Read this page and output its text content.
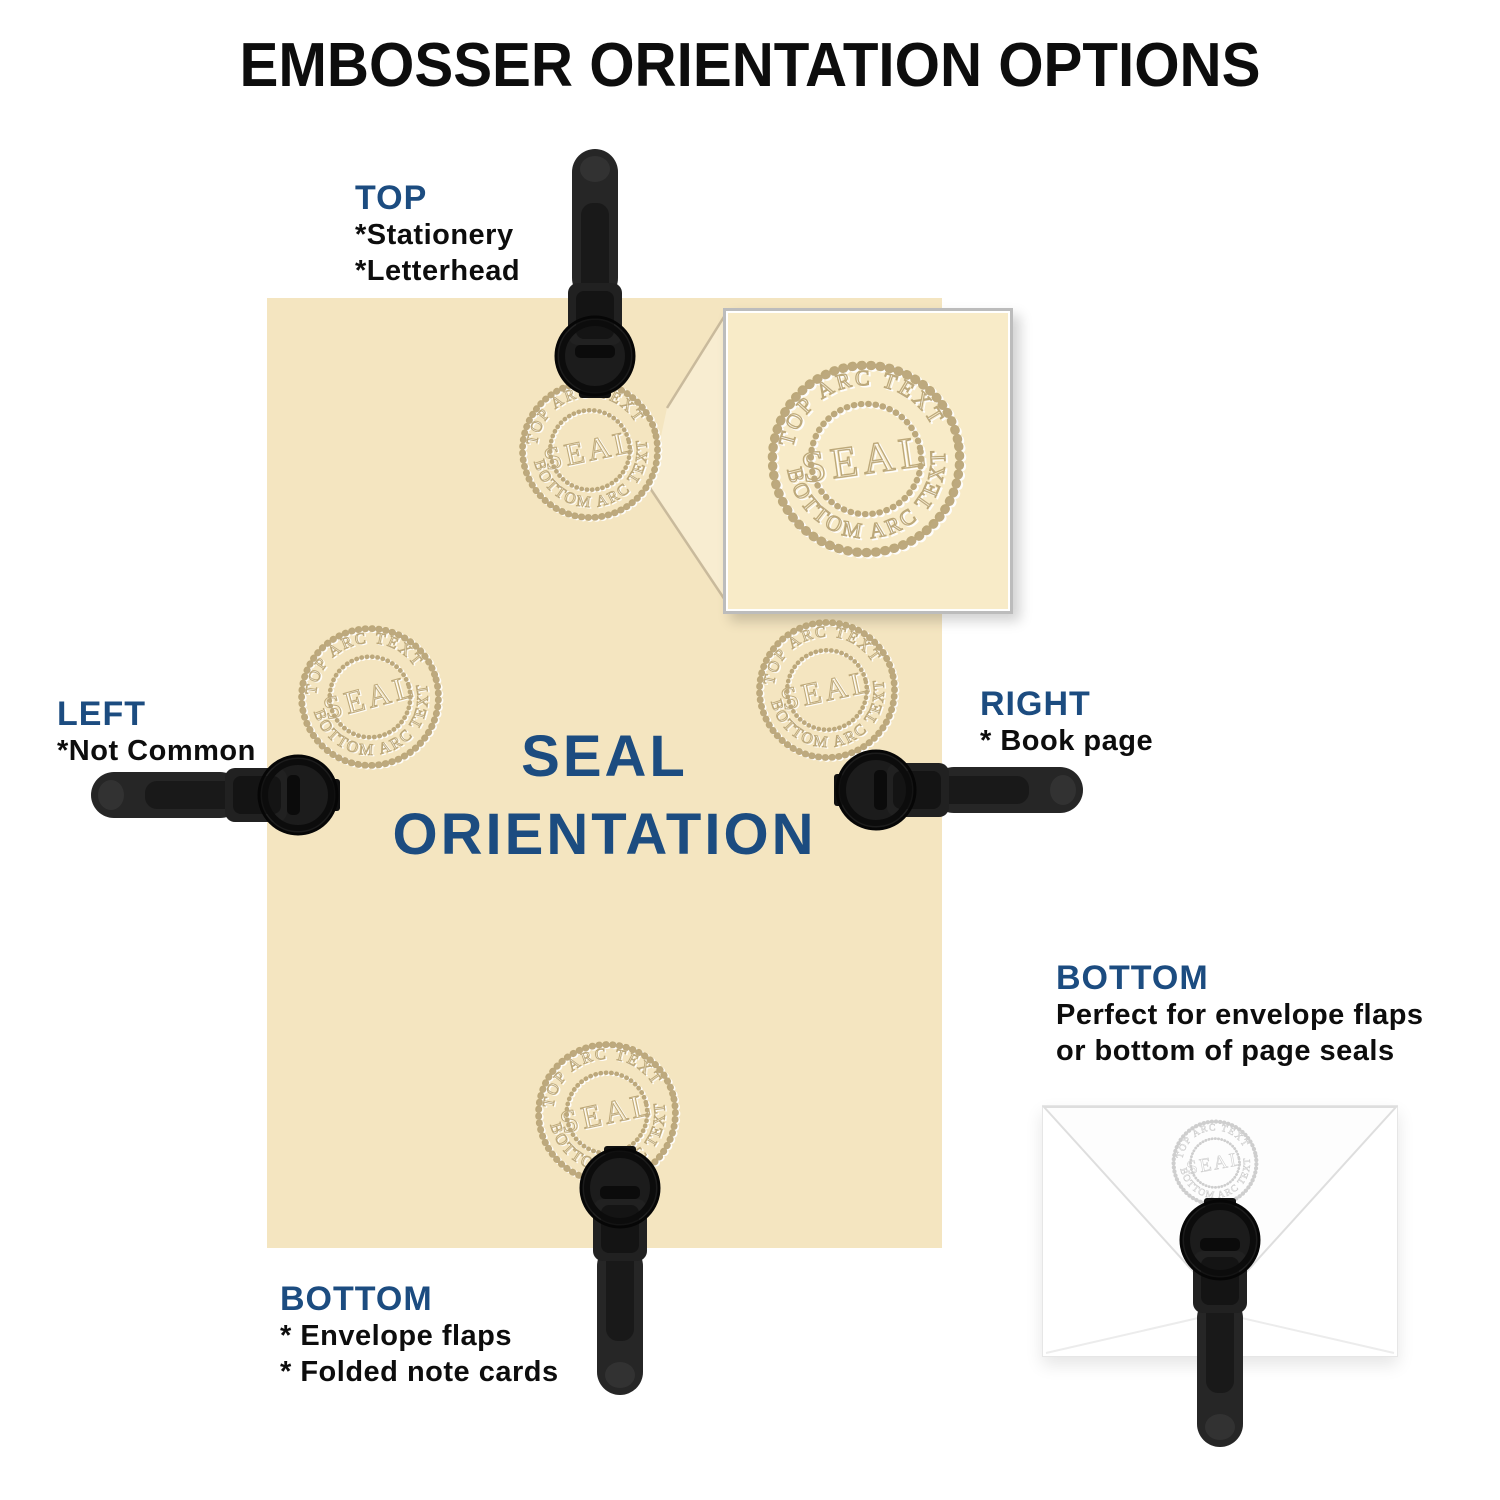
EMBOSSER ORIENTATION OPTIONS
SEAL
ORIENTATION
TOP
*Stationery
*Letterhead
LEFT
*Not Common
RIGHT
* Book page
BOTTOM
* Envelope flaps
* Folded note cards
BOTTOM
Perfect for envelope flaps
or bottom of page seals
